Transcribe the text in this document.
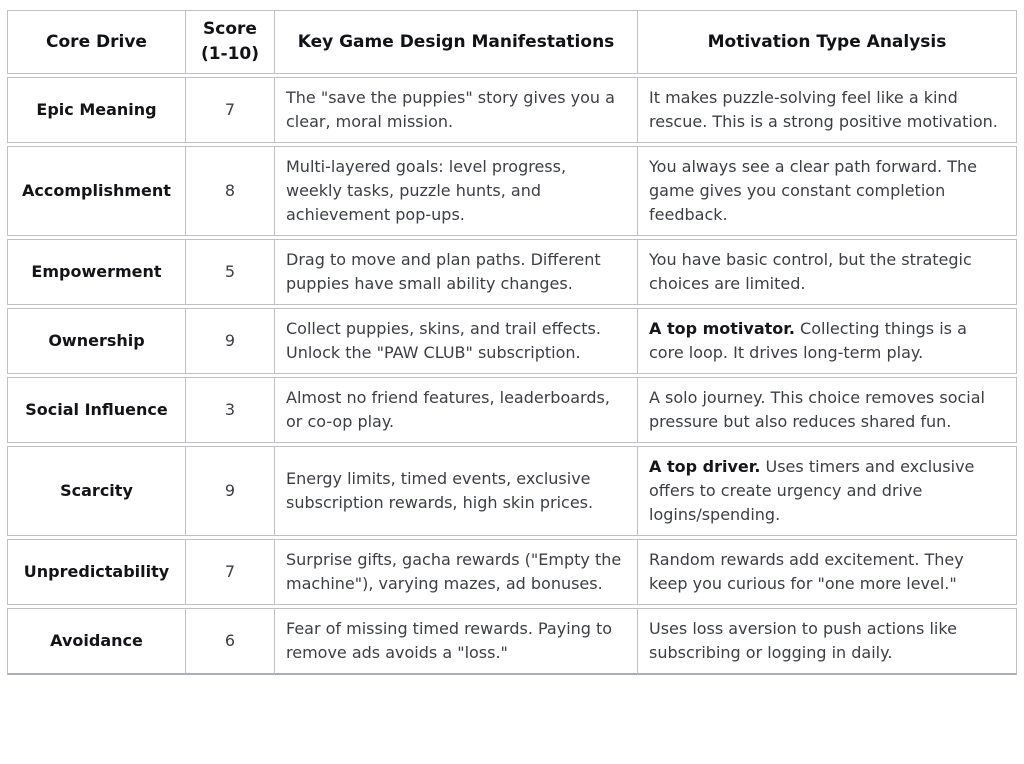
Core Drive	Score (1-10)	Key Game Design Manifestations	Motivation Type Analysis
Epic Meaning	7	The "save the puppies" story gives you a clear, moral mission.	It makes puzzle-solving feel like a kind rescue. This is a strong positive motivation.
Accomplishment	8	Multi-layered goals: level progress, weekly tasks, puzzle hunts, and achievement pop-ups.	You always see a clear path forward. The game gives you constant completion feedback.
Empowerment	5	Drag to move and plan paths. Different puppies have small ability changes.	You have basic control, but the strategic choices are limited.
Ownership	9	Collect puppies, skins, and trail effects. Unlock the "PAW CLUB" subscription.	A top motivator. Collecting things is a core loop. It drives long-term play.
Social Influence	3	Almost no friend features, leaderboards, or co-op play.	A solo journey. This choice removes social pressure but also reduces shared fun.
Scarcity	9	Energy limits, timed events, exclusive subscription rewards, high skin prices.	A top driver. Uses timers and exclusive offers to create urgency and drive logins/spending.
Unpredictability	7	Surprise gifts, gacha rewards ("Empty the machine"), varying mazes, ad bonuses.	Random rewards add excitement. They keep you curious for "one more level."
Avoidance	6	Fear of missing timed rewards. Paying to remove ads avoids a "loss."	Uses loss aversion to push actions like subscribing or logging in daily.
